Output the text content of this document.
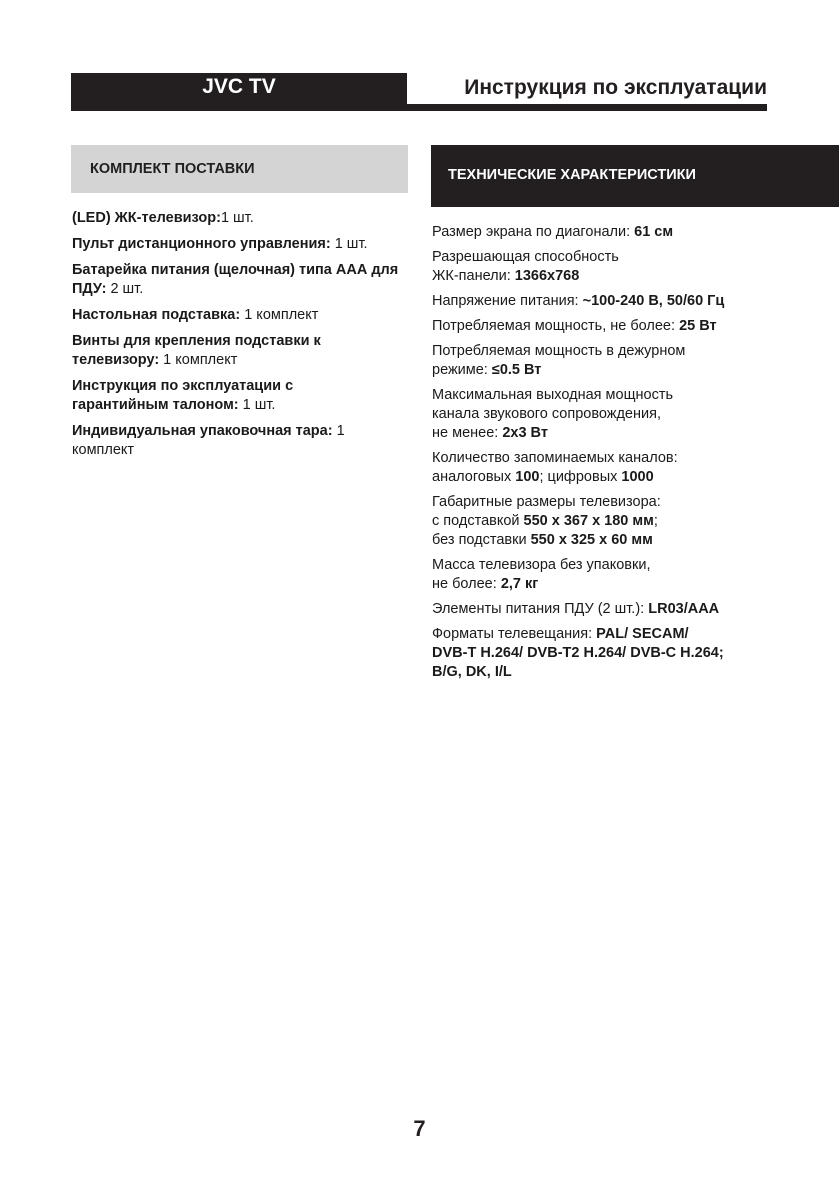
JVC TV	Инструкция по эксплуатации
КОМПЛЕКТ ПОСТАВКИ	ТЕХНИЧЕСКИЕ ХАРАКТЕРИСТИКИ
(LED) ЖК-телевизор:1 шт.
Пульт дистанционного управления: 1 шт.
Батарейка питания (щелочная) типа ААА для ПДУ: 2 шт.
Настольная подставка: 1 комплект
Винты для крепления подставки к телевизору: 1 комплект
Инструкция по эксплуатации с гарантийным талоном: 1 шт.
Индивидуальная упаковочная тара: 1 комплект
Размер экрана по диагонали: 61 см
Разрешающая способность
ЖК-панели: 1366x768
Напряжение питания: ~100-240 В, 50/60 Гц
Потребляемая мощность, не более: 25 Вт
Потребляемая мощность в дежурном
режиме: ≤0.5 Вт
Максимальная выходная мощность
канала звукового сопровождения,
не менее: 2х3 Вт
Количество запоминаемых каналов:
аналоговых 100; цифровых 1000
Габаритные размеры телевизора:
с подставкой 550 х 367 х 180 мм;
без подставки 550 х 325 х 60 мм
Масса телевизора без упаковки,
не более: 2,7 кг
Элементы питания ПДУ (2 шт.): LR03/AAA
Форматы телевещания: PAL/ SECAM/
DVB-T H.264/ DVB-T2 H.264/ DVB-C H.264;
B/G, DK, I/L
7
